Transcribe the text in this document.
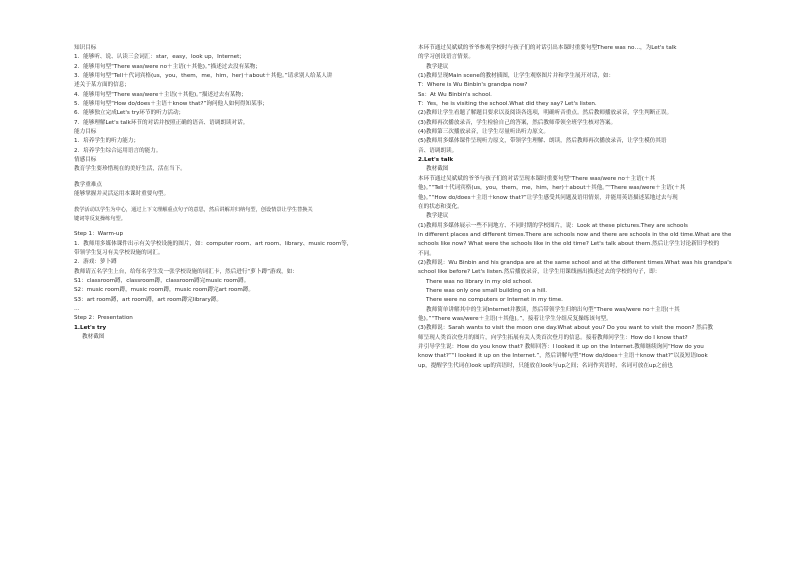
知识目标
1．能够听、说、认读三会词汇：star，easy，look up，Internet；
2．能够用句型“There was/were no＋主语(＋其他)。”描述过去没有某物；
3．能够用句型“Tell＋代词宾格(us，you，them，me，him，her)＋about＋其他。”请求别人给某人讲
述关于某方面的信息；
4．能够用句型“There was/were＋主语(＋其他)。”描述过去有某物；
5．能够用句型“How do/does＋主语＋know that?”询问他人如何得知某事；
6．能够独立完成Let's try环节的听力活动；
7．能够理解Let's talk环节的对话并按照正确的语音、语调朗读对话。
能力目标
1．培养学生的听力能力；
2．培养学生综合运用语言的能力。
情感目标
教育学生要珍惜现在的美好生活，活在当下。
教学重难点
能够掌握并灵活运用本课时重要句型。
教学活动以学生为中心，通过上下文理解重点句子的意思，然后讲解并归纳句型，创设情景让学生替换关
键词等反复操练句型。
Step 1：Warm-up
1．教师用多媒体课件出示有关学校设施的图片，如：computer room、art room、library、music room等，
带领学生复习有关学校设施的词汇。
2．游戏：萝卜蹲
教师请五名学生上台，给每名学生发一张学校设施的词汇卡，然后进行“萝卜蹲”游戏，如：
S1：classroom蹲，classroom蹲，classroom蹲完music room蹲。
S2：music room蹲，music room蹲，music room蹲完art room蹲。
S3：art room蹲，art room蹲，art room蹲完library蹲。
…
Step 2：Presentation
1.Let's try
教材截图
本环节通过吴斌斌的爷爷参观学校时与孩子们的对话引出本课时重要句型There was no…，为Let's talk
的学习创设语言情景。
教学建议
(1)教师呈现Main scene的教材插图，让学生观察图片并和学生展开对话，如：
T：Where is Wu Binbin's grandpa now?
Ss：At Wu Binbin's school.
T：Yes，he is visiting the school.What did they say? Let's listen.
(2)教师让学生看题了解题目要求以及阅读各选项，明确听音重点。然后教师播放录音，学生判断正误。
(3)教师再次播放录音，学生检验自己的答案，然后教师带领全班学生核对答案。
(4)教师第三次播放录音，让学生尽量听出听力原文。
(5)教师用多媒体课件呈现听力原文，带领学生理解、朗读，然后教师再次播放录音，让学生模仿其语
音、语调朗读。
2.Let's talk
教材截图
本环节通过吴斌斌的爷爷与孩子们的对话呈现本课时重要句型“There was/were no＋主语(＋其
他)。”“Tell＋代词宾格(us，you，them，me，him，her)＋about＋其他。”“There was/were＋主语(＋其
他)。”“How do/does＋主语＋know that?”让学生感受其问题及语用情景，并能用英语描述某地过去与现
在的状态和变化。
教学建议
(1)教师用多媒体展示一些不同地方、不同时期的学校图片，说：Look at these pictures.They are schools
in different places and different times.There are schools now and there are schools in the old time.What are the
schools like now? What were the schools like in the old time? Let's talk about them.然后让学生讨论新旧学校的
不同。
(2)教师说：Wu Binbin and his grandpa are at the same school and at the different times.What was his grandpa's
school like before? Let's listen.然后播放录音，让学生用课线画出描述过去的学校的句子，即：
There was no library in my old school.
There was only one small building on a hill.
There were no computers or Internet in my time.
教师简单讲解其中的生词Internet并教读，然后带领学生归纳出句型“There was/were no＋主语(＋其
他)。”“There was/were＋主语(＋其他)。”，接着让学生分组反复操练该句型。
(3)教师说：Sarah wants to visit the moon one day.What about you? Do you want to visit the moon? 然后教
师呈现人类首次登月的图片，向学生拓展有关人类首次登月的信息。接着教师问学生：How do I know that?
并引导学生说：How do you know that? 教师回答：I looked it up on the Internet.教师继续询问“How do you
know that?”“I looked it up on the Internet.”，然后讲解句型“How do/does＋主语＋know that?”以及短语look
up，提醒学生代词在look up的宾语时，只能放在look与up之间；名词作宾语时，名词可放在up之前也
